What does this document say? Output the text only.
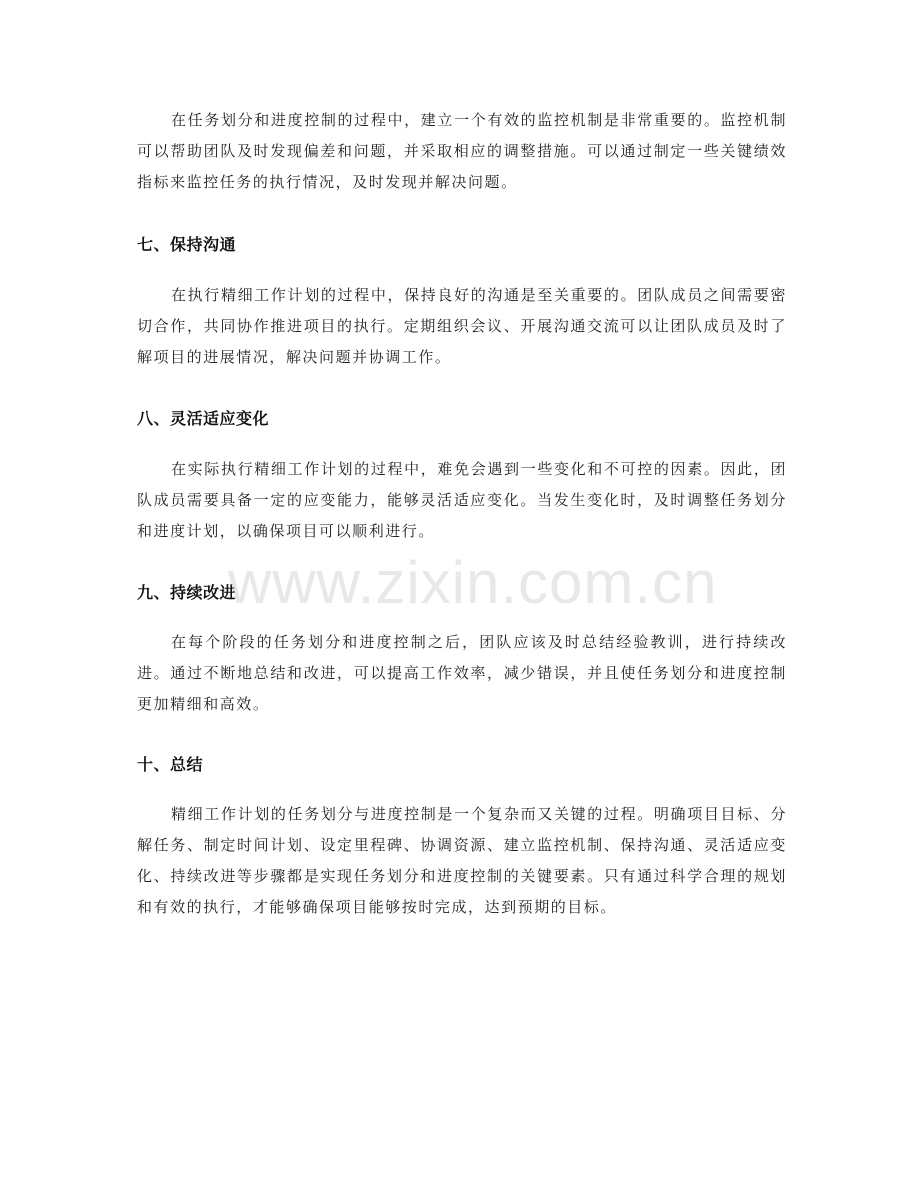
在任务划分和进度控制的过程中，建立一个有效的监控机制是非常重要的。监控机制可以帮助团队及时发现偏差和问题，并采取相应的调整措施。可以通过制定一些关键绩效指标来监控任务的执行情况，及时发现并解决问题。

七、保持沟通

在执行精细工作计划的过程中，保持良好的沟通是至关重要的。团队成员之间需要密切合作，共同协作推进项目的执行。定期组织会议、开展沟通交流可以让团队成员及时了解项目的进展情况，解决问题并协调工作。

八、灵活适应变化

在实际执行精细工作计划的过程中，难免会遇到一些变化和不可控的因素。因此，团队成员需要具备一定的应变能力，能够灵活适应变化。当发生变化时，及时调整任务划分和进度计划，以确保项目可以顺利进行。

九、持续改进

在每个阶段的任务划分和进度控制之后，团队应该及时总结经验教训，进行持续改进。通过不断地总结和改进，可以提高工作效率，减少错误，并且使任务划分和进度控制更加精细和高效。

十、总结

精细工作计划的任务划分与进度控制是一个复杂而又关键的过程。明确项目目标、分解任务、制定时间计划、设定里程碑、协调资源、建立监控机制、保持沟通、灵活适应变化、持续改进等步骤都是实现任务划分和进度控制的关键要素。只有通过科学合理的规划和有效的执行，才能够确保项目能够按时完成，达到预期的目标。

www.zixin.com.cn
